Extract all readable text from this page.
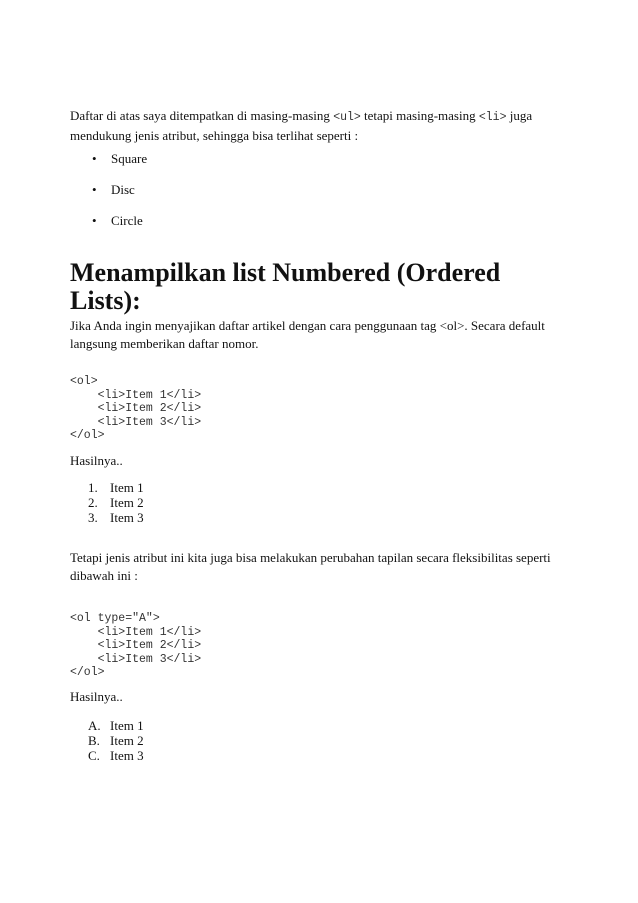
Daftar di atas saya ditempatkan di masing-masing <ul> tetapi masing-masing <li> juga mendukung jenis atribut, sehingga bisa terlihat seperti :

• Square
• Disc
• Circle
Menampilkan list Numbered (Ordered Lists):

Jika Anda ingin menyajikan daftar artikel dengan cara penggunaan tag <ol>. Secara default langsung memberikan daftar nomor.

<ol>
<li>Item 1</li>
<li>Item 2</li>
<li>Item 3</li>
</ol>

Hasilnya..

1. Item 1
2. Item 2
3. Item 3

Tetapi jenis atribut ini kita juga bisa melakukan perubahan tapilan secara fleksibilitas seperti dibawah ini :

<ol type="A">
<li>Item 1</li>
<li>Item 2</li>
<li>Item 3</li>
</ol>

Hasilnya..

A. Item 1
B. Item 2
C. Item 3
